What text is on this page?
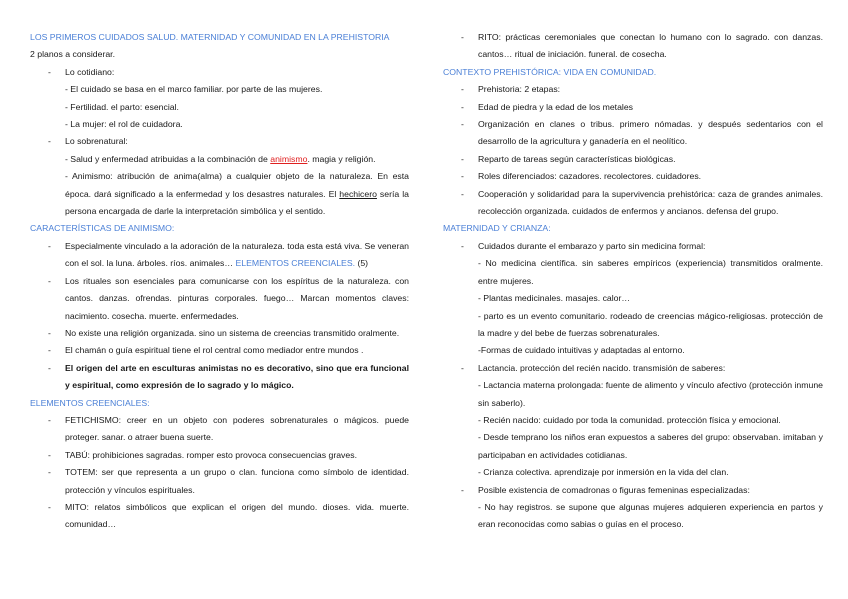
LOS PRIMEROS CUIDADOS SALUD. MATERNIDAD Y COMUNIDAD EN LA PREHISTORIA
2 planos a considerar.
- Lo cotidiano:
- El cuidado se basa en el marco familiar. por parte de las mujeres.
- Fertilidad. el parto: esencial.
- La mujer: el rol de cuidadora.
- Lo sobrenatural:
- Salud y enfermedad atribuidas a la combinación de animismo. magia y religión.
- Animismo: atribución de anima(alma) a cualquier objeto de la naturaleza. En esta época. dará significado a la enfermedad y los desastres naturales. El hechicero sería la persona encargada de darle la interpretación simbólica y el sentido.
CARACTERÍSTICAS DE ANIMISMO:
- Especialmente vinculado a la adoración de la naturaleza. toda esta está viva. Se veneran con el sol. la luna. árboles. ríos. animales… ELEMENTOS CREENCIALES. (5)
- Los rituales son esenciales para comunicarse con los espíritus de la naturaleza. con cantos. danzas. ofrendas. pinturas corporales. fuego… Marcan momentos claves: nacimiento. cosecha. muerte. enfermedades.
- No existe una religión organizada. sino un sistema de creencias transmitido oralmente.
- El chamán o guía espiritual tiene el rol central como mediador entre mundos .
- El origen del arte en esculturas animistas no es decorativo, sino que era funcional y espiritual, como expresión de lo sagrado y lo mágico.
ELEMENTOS CREENCIALES:
- FETICHISMO: creer en un objeto con poderes sobrenaturales o mágicos. puede proteger. sanar. o atraer buena suerte.
- TABÚ: prohibiciones sagradas. romper esto provoca consecuencias graves.
- TOTEM: ser que representa a un grupo o clan. funciona como símbolo de identidad. protección y vínculos espirituales.
- MITO: relatos simbólicos que explican el origen del mundo. dioses. vida. muerte. comunidad…
- RITO: prácticas ceremoniales que conectan lo humano con lo sagrado. con danzas. cantos… ritual de iniciación. funeral. de cosecha.
CONTEXTO PREHISTÓRICA: VIDA EN COMUNIDAD.
- Prehistoria: 2 etapas:
- Edad de piedra y la edad de los metales
- Organización en clanes o tribus. primero nómadas. y después sedentarios con el desarrollo de la agricultura y ganadería en el neolítico.
- Reparto de tareas según características biológicas.
- Roles diferenciados: cazadores. recolectores. cuidadores.
- Cooperación y solidaridad para la supervivencia prehistórica: caza de grandes animales. recolección organizada. cuidados de enfermos y ancianos. defensa del grupo.
MATERNIDAD Y CRIANZA:
- Cuidados durante el embarazo y parto sin medicina formal:
- No medicina científica. sin saberes empíricos (experiencia) transmitidos oralmente. entre mujeres.
- Plantas medicinales. masajes. calor…
- parto es un evento comunitario. rodeado de creencias mágico-religiosas. protección de la madre y del bebe de fuerzas sobrenaturales.
-Formas de cuidado intuitivas y adaptadas al entorno.
- Lactancia. protección del recién nacido. transmisión de saberes:
- Lactancia materna prolongada: fuente de alimento y vínculo afectivo (protección inmune sin saberlo).
- Recién nacido: cuidado por toda la comunidad. protección física y emocional.
- Desde temprano los niños eran expuestos a saberes del grupo: observaban. imitaban y participaban en actividades cotidianas.
- Crianza colectiva. aprendizaje por inmersión en la vida del clan.
- Posible existencia de comadronas o figuras femeninas especializadas:
- No hay registros. se supone que algunas mujeres adquieren experiencia en partos y eran reconocidas como sabias o guías en el proceso.
